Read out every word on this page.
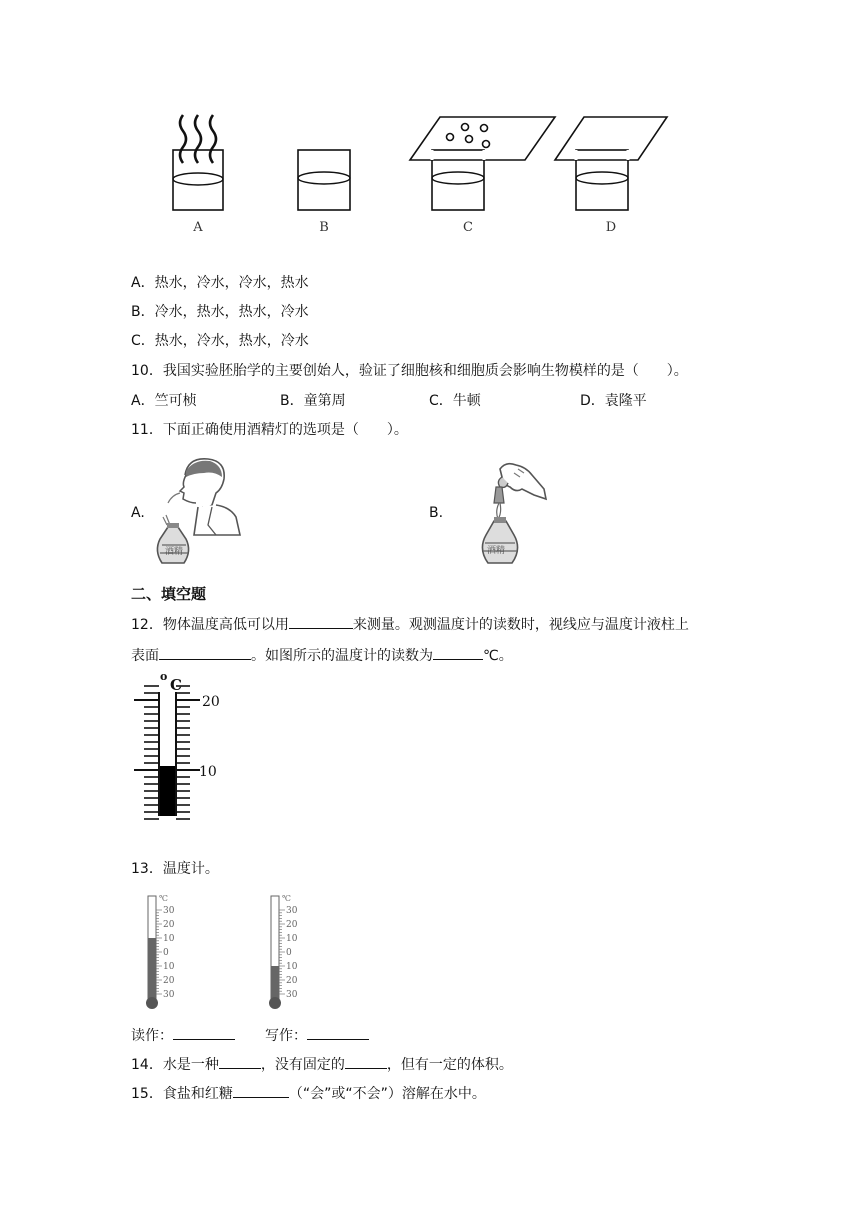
A	B	C	D
A．热水，冷水，冷水，热水
B．冷水，热水，热水，冷水
C．热水，冷水，热水，冷水
10．我国实验胚胎学的主要创始人，验证了细胞核和细胞质会影响生物模样的是（　　）。
A．竺可桢	B．童第周	C．牛顿	D．袁隆平
11．下面正确使用酒精灯的选项是（　　）。
A.	B.
酒精	酒精
二、填空题
12．物体温度高低可以用	来测量。观测温度计的读数时，视线应与温度计液柱上
表面	。如图所示的温度计的读数为	℃。
o C
20
10
13．温度计。
℃
30
20
10
0
10
20
30
℃
30
20
10
0
10
20
30
读作：	写作：
14．水是一种	，没有固定的	，但有一定的体积。
15．食盐和红糖	（“会”或“不会”）溶解在水中。
